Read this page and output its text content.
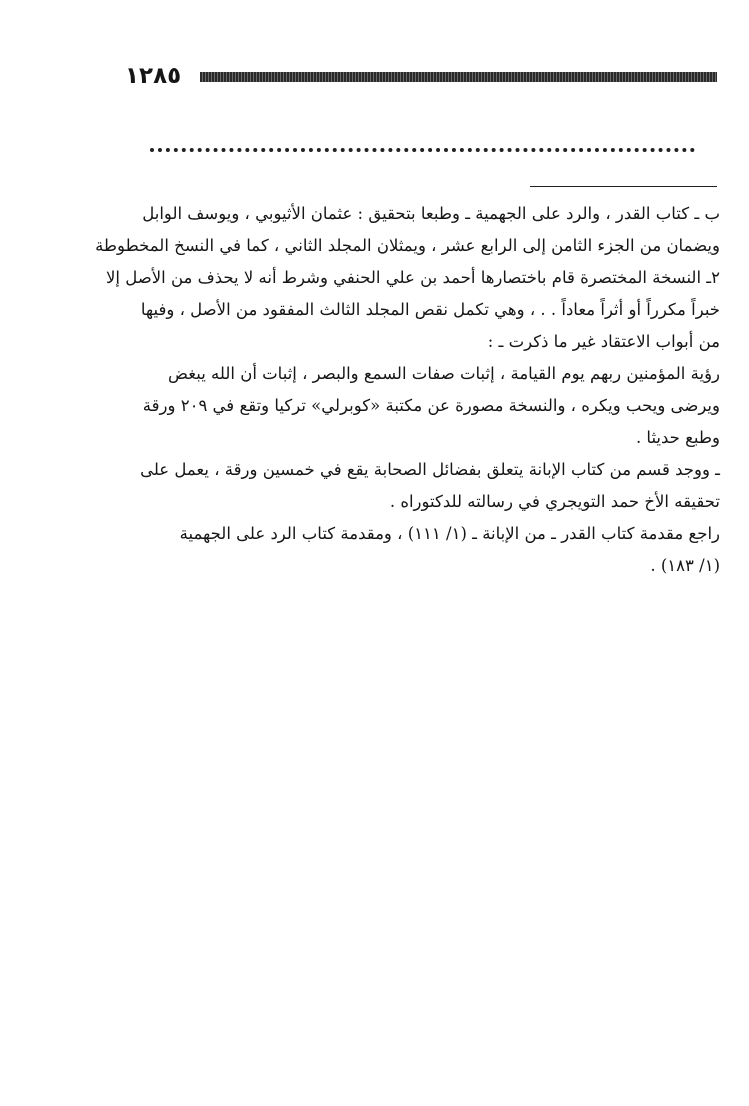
١٢٨٥
ب ـ كتاب القدر ، والرد على الجهمية ـ وطبعا بتحقيق : عثمان الأثيوبي ، ويوسف الوابل
ويضمان من الجزء الثامن إلى الرابع عشر ، ويمثلان المجلد الثاني ، كما في النسخ المخطوطة
٢ـ النسخة المختصرة قام باختصارها أحمد بن علي الحنفي وشرط أنه لا يحذف من الأصل إلا
خبراً مكرراً أو أثراً معاداً . . ، وهي تكمل نقص المجلد الثالث المفقود من الأصل ، وفيها
من أبواب الاعتقاد غير ما ذكرت ـ :
رؤية المؤمنين ربهم يوم القيامة ، إثبات صفات السمع والبصر ، إثبات أن الله يبغض
ويرضى ويحب ويكره ، والنسخة مصورة عن مكتبة «كوبرلي» تركيا وتقع في ٢٠٩ ورقة
وطبع حديثا .
ـ ووجد قسم من كتاب الإبانة يتعلق بفضائل الصحابة يقع في خمسين ورقة ، يعمل على
تحقيقه الأخ حمد التويجري في رسالته للدكتوراه .
راجع مقدمة كتاب القدر ـ من الإبانة ـ (١/ ١١١) ، ومقدمة كتاب الرد على الجهمية
(١/ ١٨٣) .
